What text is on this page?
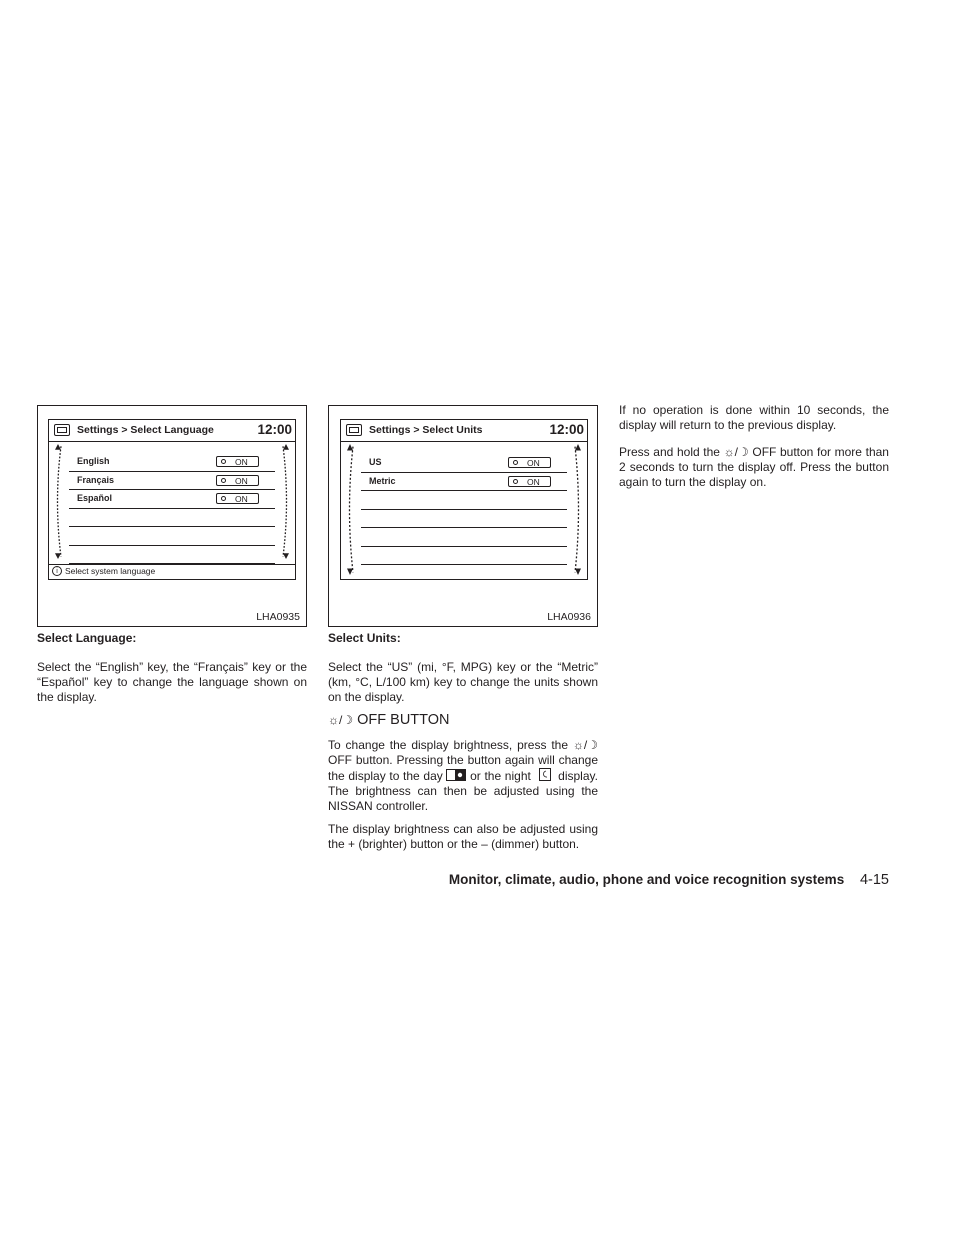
Settings > Select Language	12:00
English	ON
Français	ON
Español	ON
i Select system language
LHA0935
Settings > Select Units	12:00
US	ON
Metric	ON
LHA0936
Select Language:

Select the “English” key, the “Français” key or the “Español” key to change the language shown on the display.

Select Units:

Select the “US” (mi, °F, MPG) key or the “Metric” (km, °C, L/100 km) key to change the units shown on the display.

☼/☽ OFF BUTTON

To change the display brightness, press the ☼/☽ OFF button. Pressing the button again will change the display to the day or the night display. The brightness can then be adjusted using the NISSAN controller.

The display brightness can also be adjusted using the + (brighter) button or the – (dimmer) button.

If no operation is done within 10 seconds, the display will return to the previous display.

Press and hold the ☼/☽ OFF button for more than 2 seconds to turn the display off. Press the button again to turn the display on.

Monitor, climate, audio, phone and voice recognition systems 4-15
